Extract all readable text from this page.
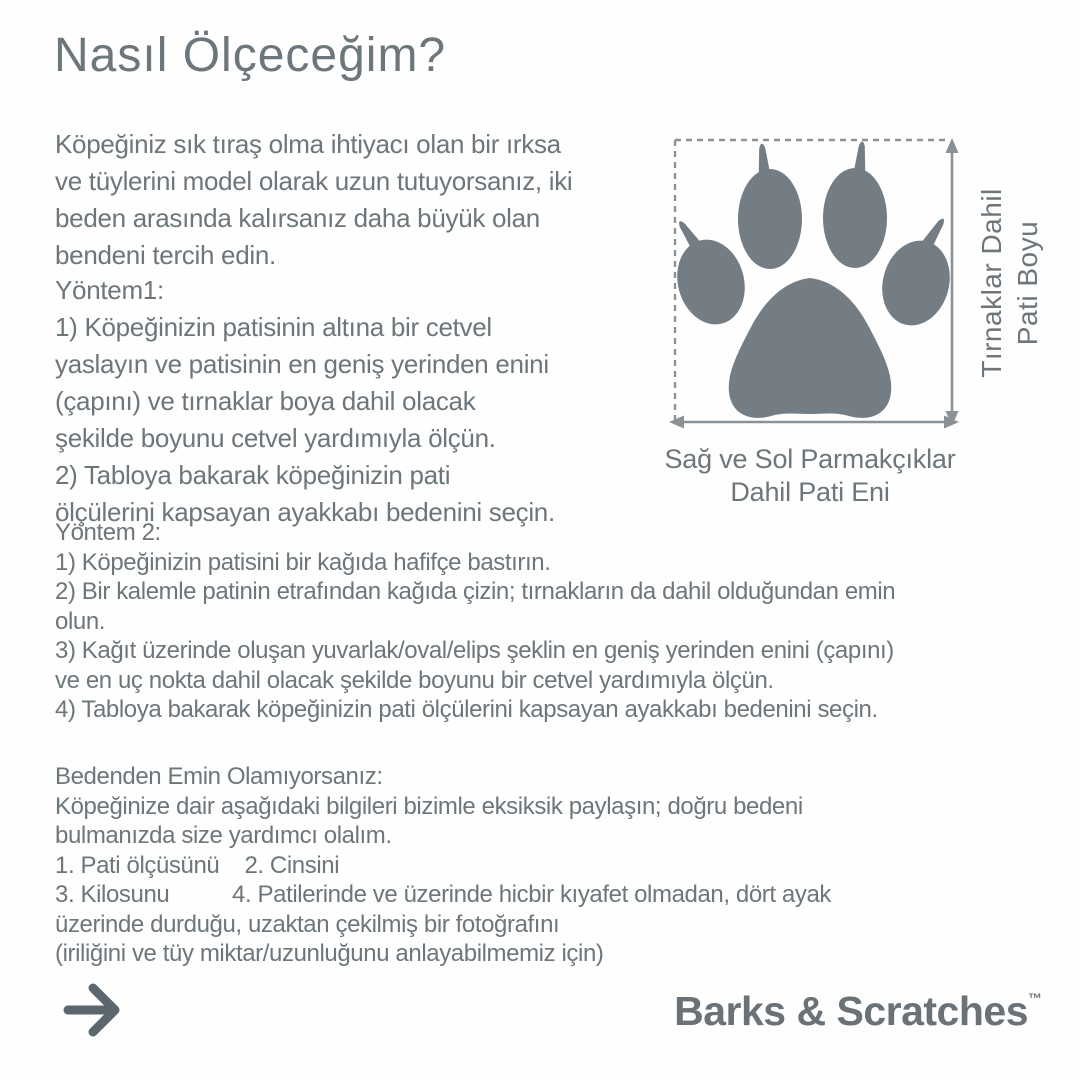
Nasıl Ölçeceğim?
Köpeğiniz sık tıraş olma ihtiyacı olan bir ırksa
ve tüylerini model olarak uzun tutuyorsanız, iki
beden arasında kalırsanız daha büyük olan
bendeni tercih edin.
Yöntem1:
1) Köpeğinizin patisinin altına bir cetvel
yaslayın ve patisinin en geniş yerinden enini
(çapını) ve tırnaklar boya dahil olacak
şekilde boyunu cetvel yardımıyla ölçün.
2) Tabloya bakarak köpeğinizin pati
ölçülerini kapsayan ayakkabı bedenini seçin.
Yöntem 2:
1) Köpeğinizin patisini bir kağıda hafifçe bastırın.
2) Bir kalemle patinin etrafından kağıda çizin; tırnakların da dahil olduğundan emin
olun.
3) Kağıt üzerinde oluşan yuvarlak/oval/elips şeklin en geniş yerinden enini (çapını)
ve en uç nokta dahil olacak şekilde boyunu bir cetvel yardımıyla ölçün.
4) Tabloya bakarak köpeğinizin pati ölçülerini kapsayan ayakkabı bedenini seçin.
Bedenden Emin Olamıyorsanız:
Köpeğinize dair aşağıdaki bilgileri bizimle eksiksik paylaşın; doğru bedeni
bulmanızda size yardımcı olalım.
1. Pati ölçüsünü    2. Cinsini
3. Kilosunu          4. Patilerinde ve üzerinde hicbir kıyafet olmadan, dört ayak
üzerinde durduğu, uzaktan çekilmiş bir fotoğrafını
(iriliğini ve tüy miktar/uzunluğunu anlayabilmemiz için)
Tırnaklar Dahil Pati Boyu
Sağ ve Sol Parmakçıklar
Dahil Pati Eni
Barks & Scratches™
